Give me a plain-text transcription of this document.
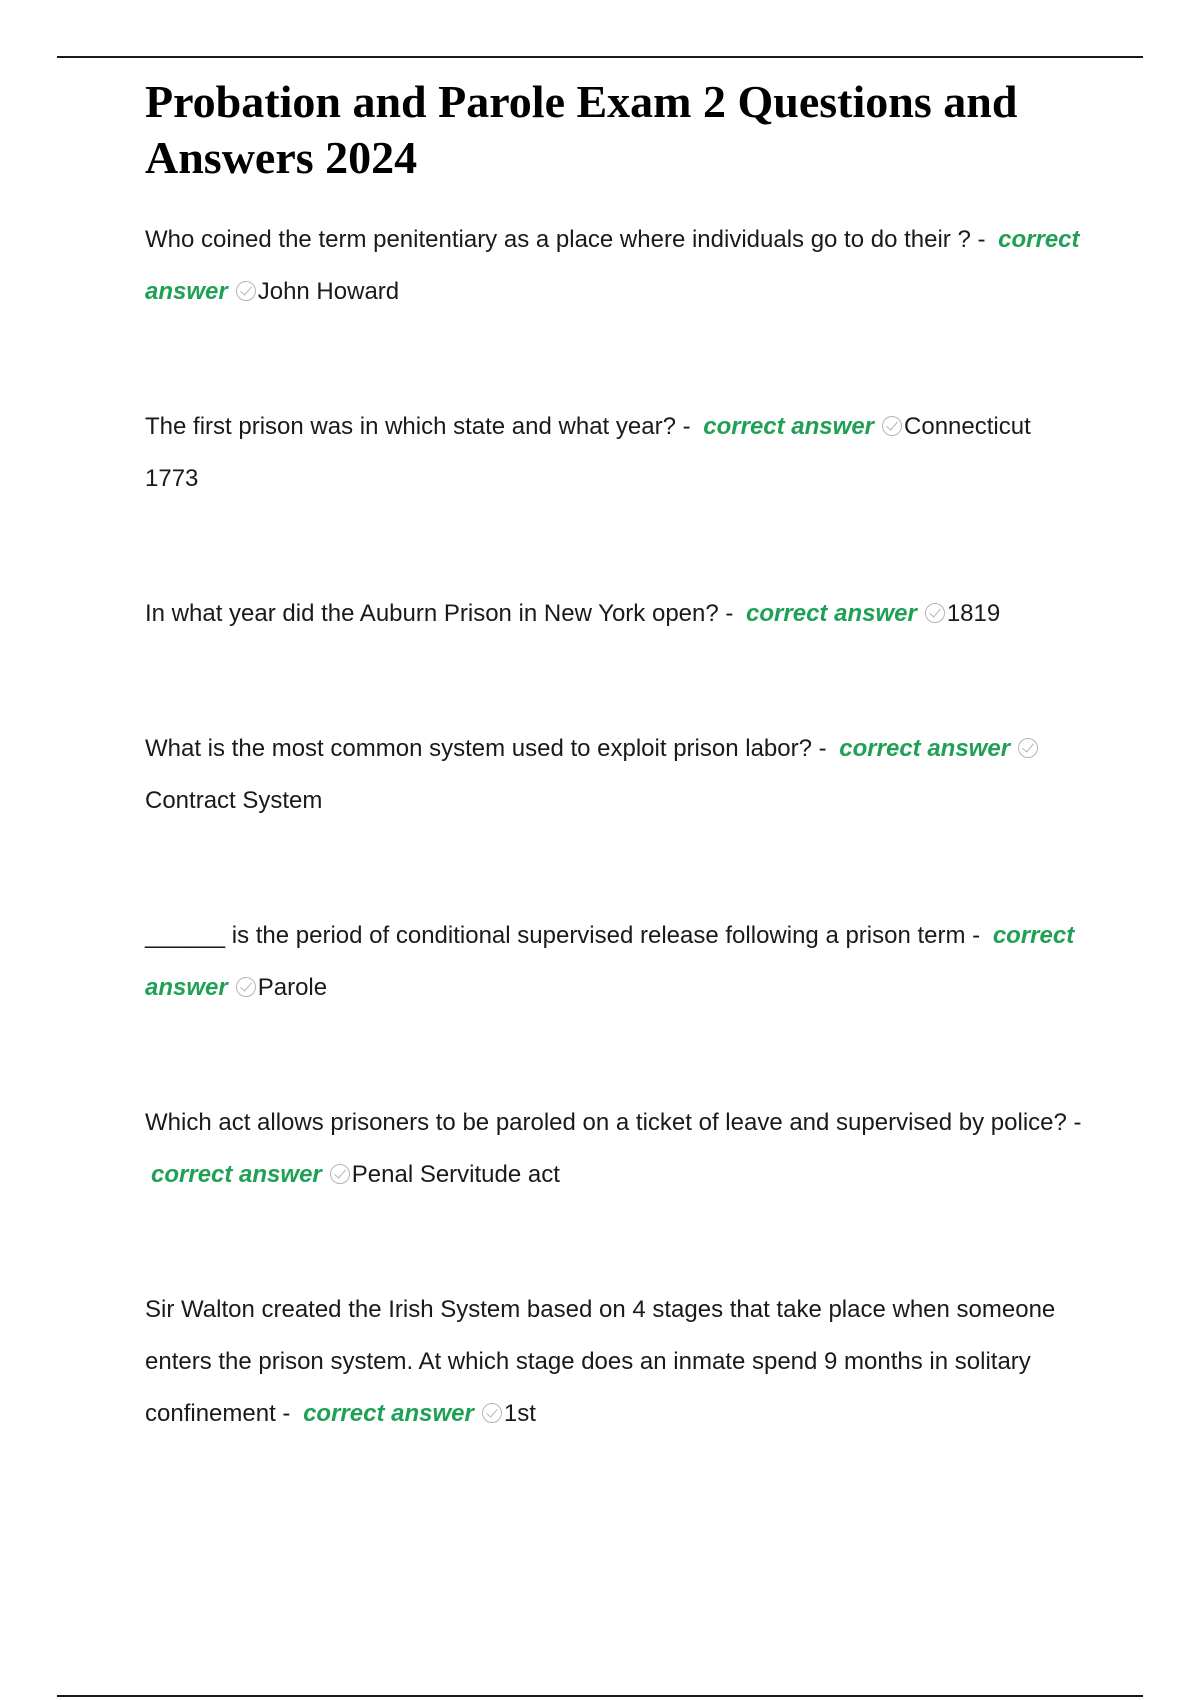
Probation and Parole Exam 2 Questions and Answers 2024

Who coined the term penitentiary as a place where individuals go to do their ? - correct answer John Howard

The first prison was in which state and what year? - correct answer Connecticut 1773

In what year did the Auburn Prison in New York open? - correct answer 1819

What is the most common system used to exploit prison labor? - correct answerContract System

______ is the period of conditional supervised release following a prison term - correct answer Parole

Which act allows prisoners to be paroled on a ticket of leave and supervised by police? - correct answer Penal Servitude act

Sir Walton created the Irish System based on 4 stages that take place when someone enters the prison system. At which stage does an inmate spend 9 months in solitary confinement - correct answer 1st
